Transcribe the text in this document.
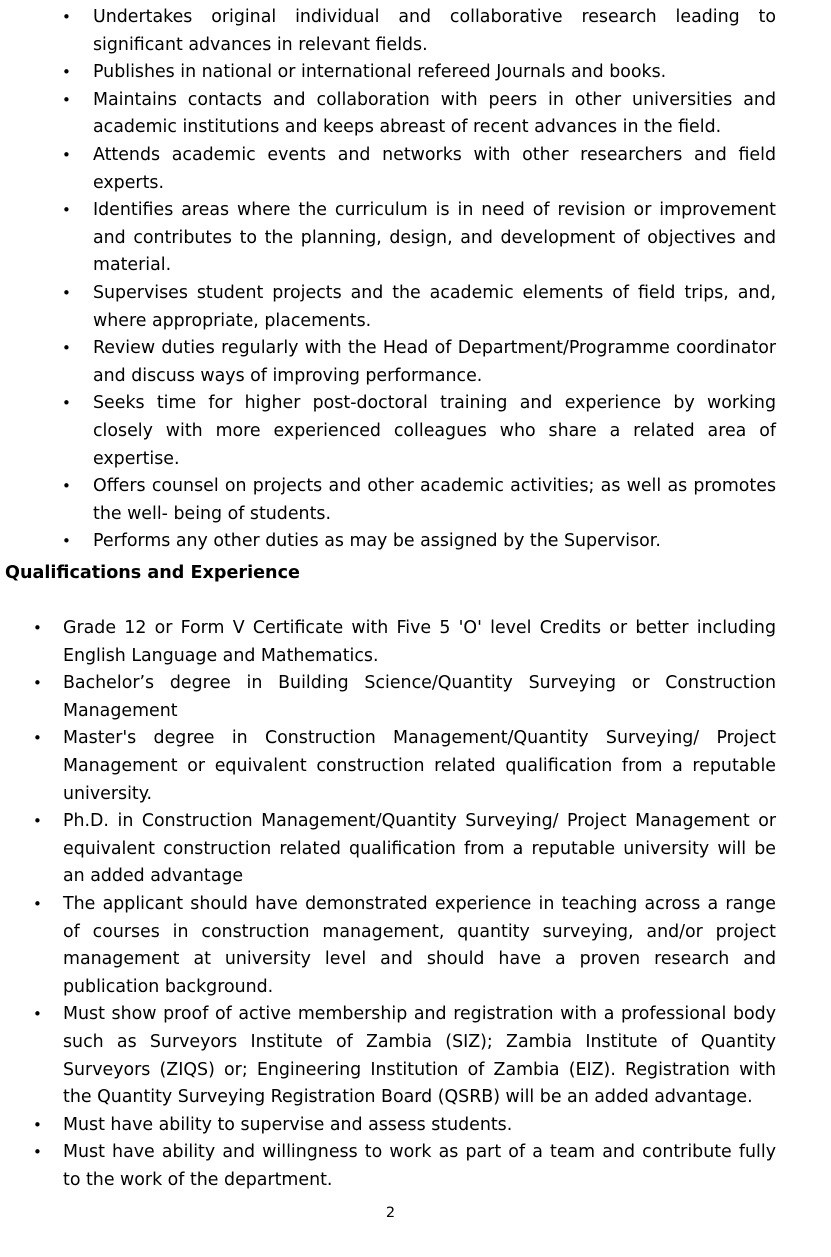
• Undertakes original individual and collaborative research leading to significant advances in relevant fields.
• Publishes in national or international refereed Journals and books.
• Maintains contacts and collaboration with peers in other universities and academic institutions and keeps abreast of recent advances in the field.
• Attends academic events and networks with other researchers and field experts.
• Identifies areas where the curriculum is in need of revision or improvement and contributes to the planning, design, and development of objectives and material.
• Supervises student projects and the academic elements of field trips, and, where appropriate, placements.
• Review duties regularly with the Head of Department/Programme coordinator and discuss ways of improving performance.
• Seeks time for higher post-doctoral training and experience by working closely with more experienced colleagues who share a related area of expertise.
• Offers counsel on projects and other academic activities; as well as promotes the well- being of students.
• Performs any other duties as may be assigned by the Supervisor.
Qualifications and Experience
• Grade 12 or Form V Certificate with Five 5 'O' level Credits or better including English Language and Mathematics.
• Bachelor’s degree in Building Science/Quantity Surveying or Construction Management
• Master's degree in Construction Management/Quantity Surveying/ Project Management or equivalent construction related qualification from a reputable university.
• Ph.D. in Construction Management/Quantity Surveying/ Project Management or equivalent construction related qualification from a reputable university will be an added advantage
• The applicant should have demonstrated experience in teaching across a range of courses in construction management, quantity surveying, and/or project management at university level and should have a proven research and publication background.
• Must show proof of active membership and registration with a professional body such as Surveyors Institute of Zambia (SIZ); Zambia Institute of Quantity Surveyors (ZIQS) or; Engineering Institution of Zambia (EIZ). Registration with the Quantity Surveying Registration Board (QSRB) will be an added advantage.
• Must have ability to supervise and assess students.
• Must have ability and willingness to work as part of a team and contribute fully to the work of the department.
2
